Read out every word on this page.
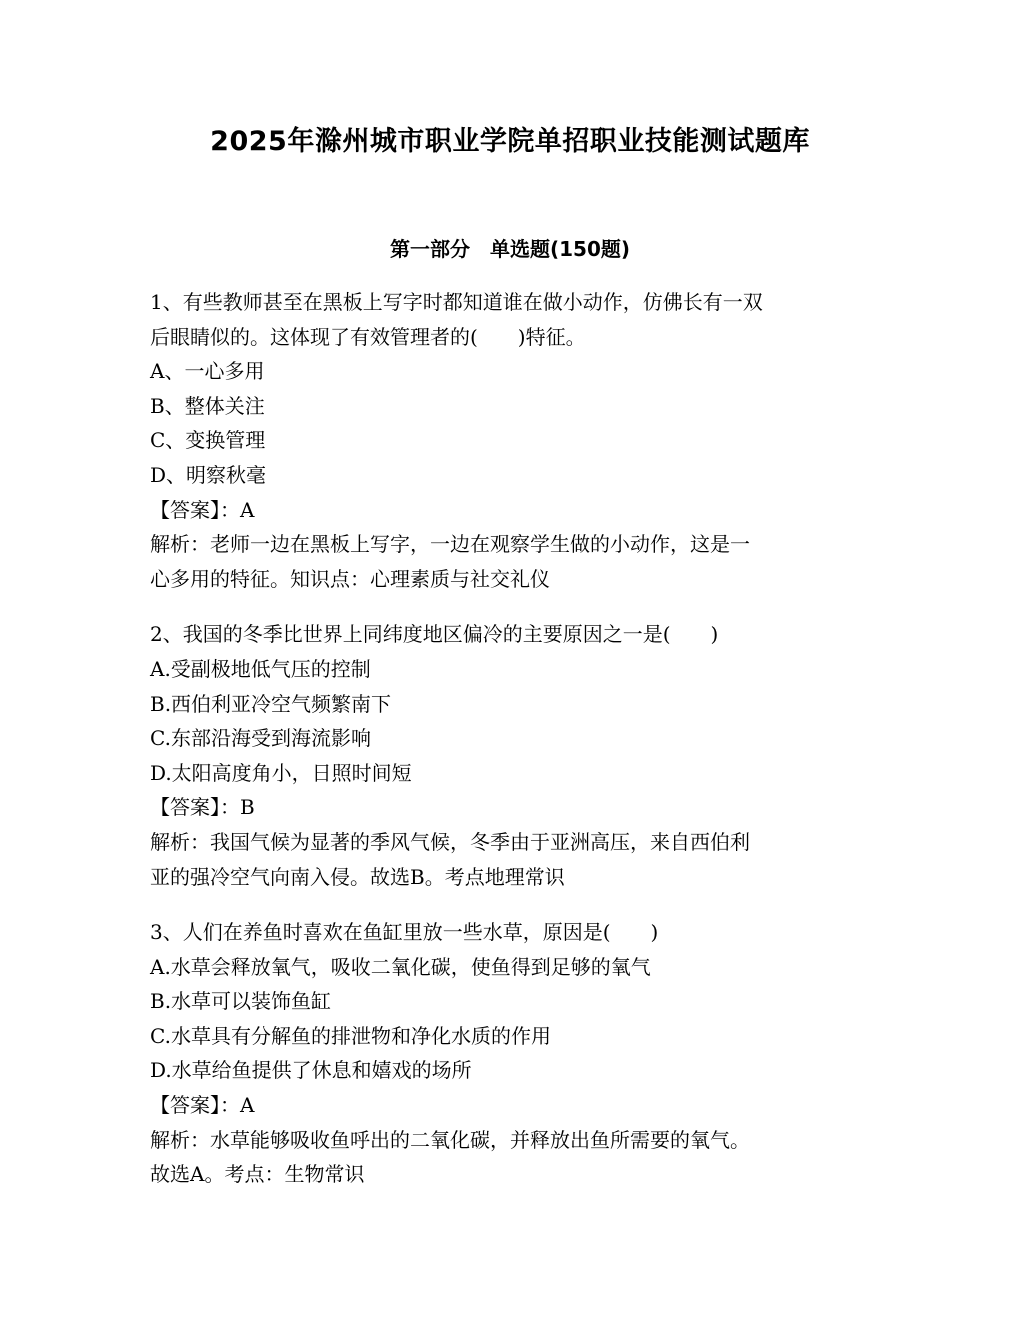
2025年滁州城市职业学院单招职业技能测试题库
第一部分　单选题(150题)

1、有些教师甚至在黑板上写字时都知道谁在做小动作，仿佛长有一双

后眼睛似的。这体现了有效管理者的(　　)特征。

A、一心多用

B、整体关注

C、变换管理

D、明察秋毫

【答案】：A

解析：老师一边在黑板上写字，一边在观察学生做的小动作，这是一

心多用的特征。知识点：心理素质与社交礼仪

2、我国的冬季比世界上同纬度地区偏冷的主要原因之一是(　　)

A.受副极地低气压的控制

B.西伯利亚冷空气频繁南下

C.东部沿海受到海流影响

D.太阳高度角小，日照时间短

【答案】：B

解析：我国气候为显著的季风气候，冬季由于亚洲高压，来自西伯利

亚的强冷空气向南入侵。故选B。考点地理常识

3、人们在养鱼时喜欢在鱼缸里放一些水草，原因是(　　)

A.水草会释放氧气，吸收二氧化碳，使鱼得到足够的氧气

B.水草可以装饰鱼缸

C.水草具有分解鱼的排泄物和净化水质的作用

D.水草给鱼提供了休息和嬉戏的场所

【答案】：A

解析：水草能够吸收鱼呼出的二氧化碳，并释放出鱼所需要的氧气。

故选A。考点：生物常识
